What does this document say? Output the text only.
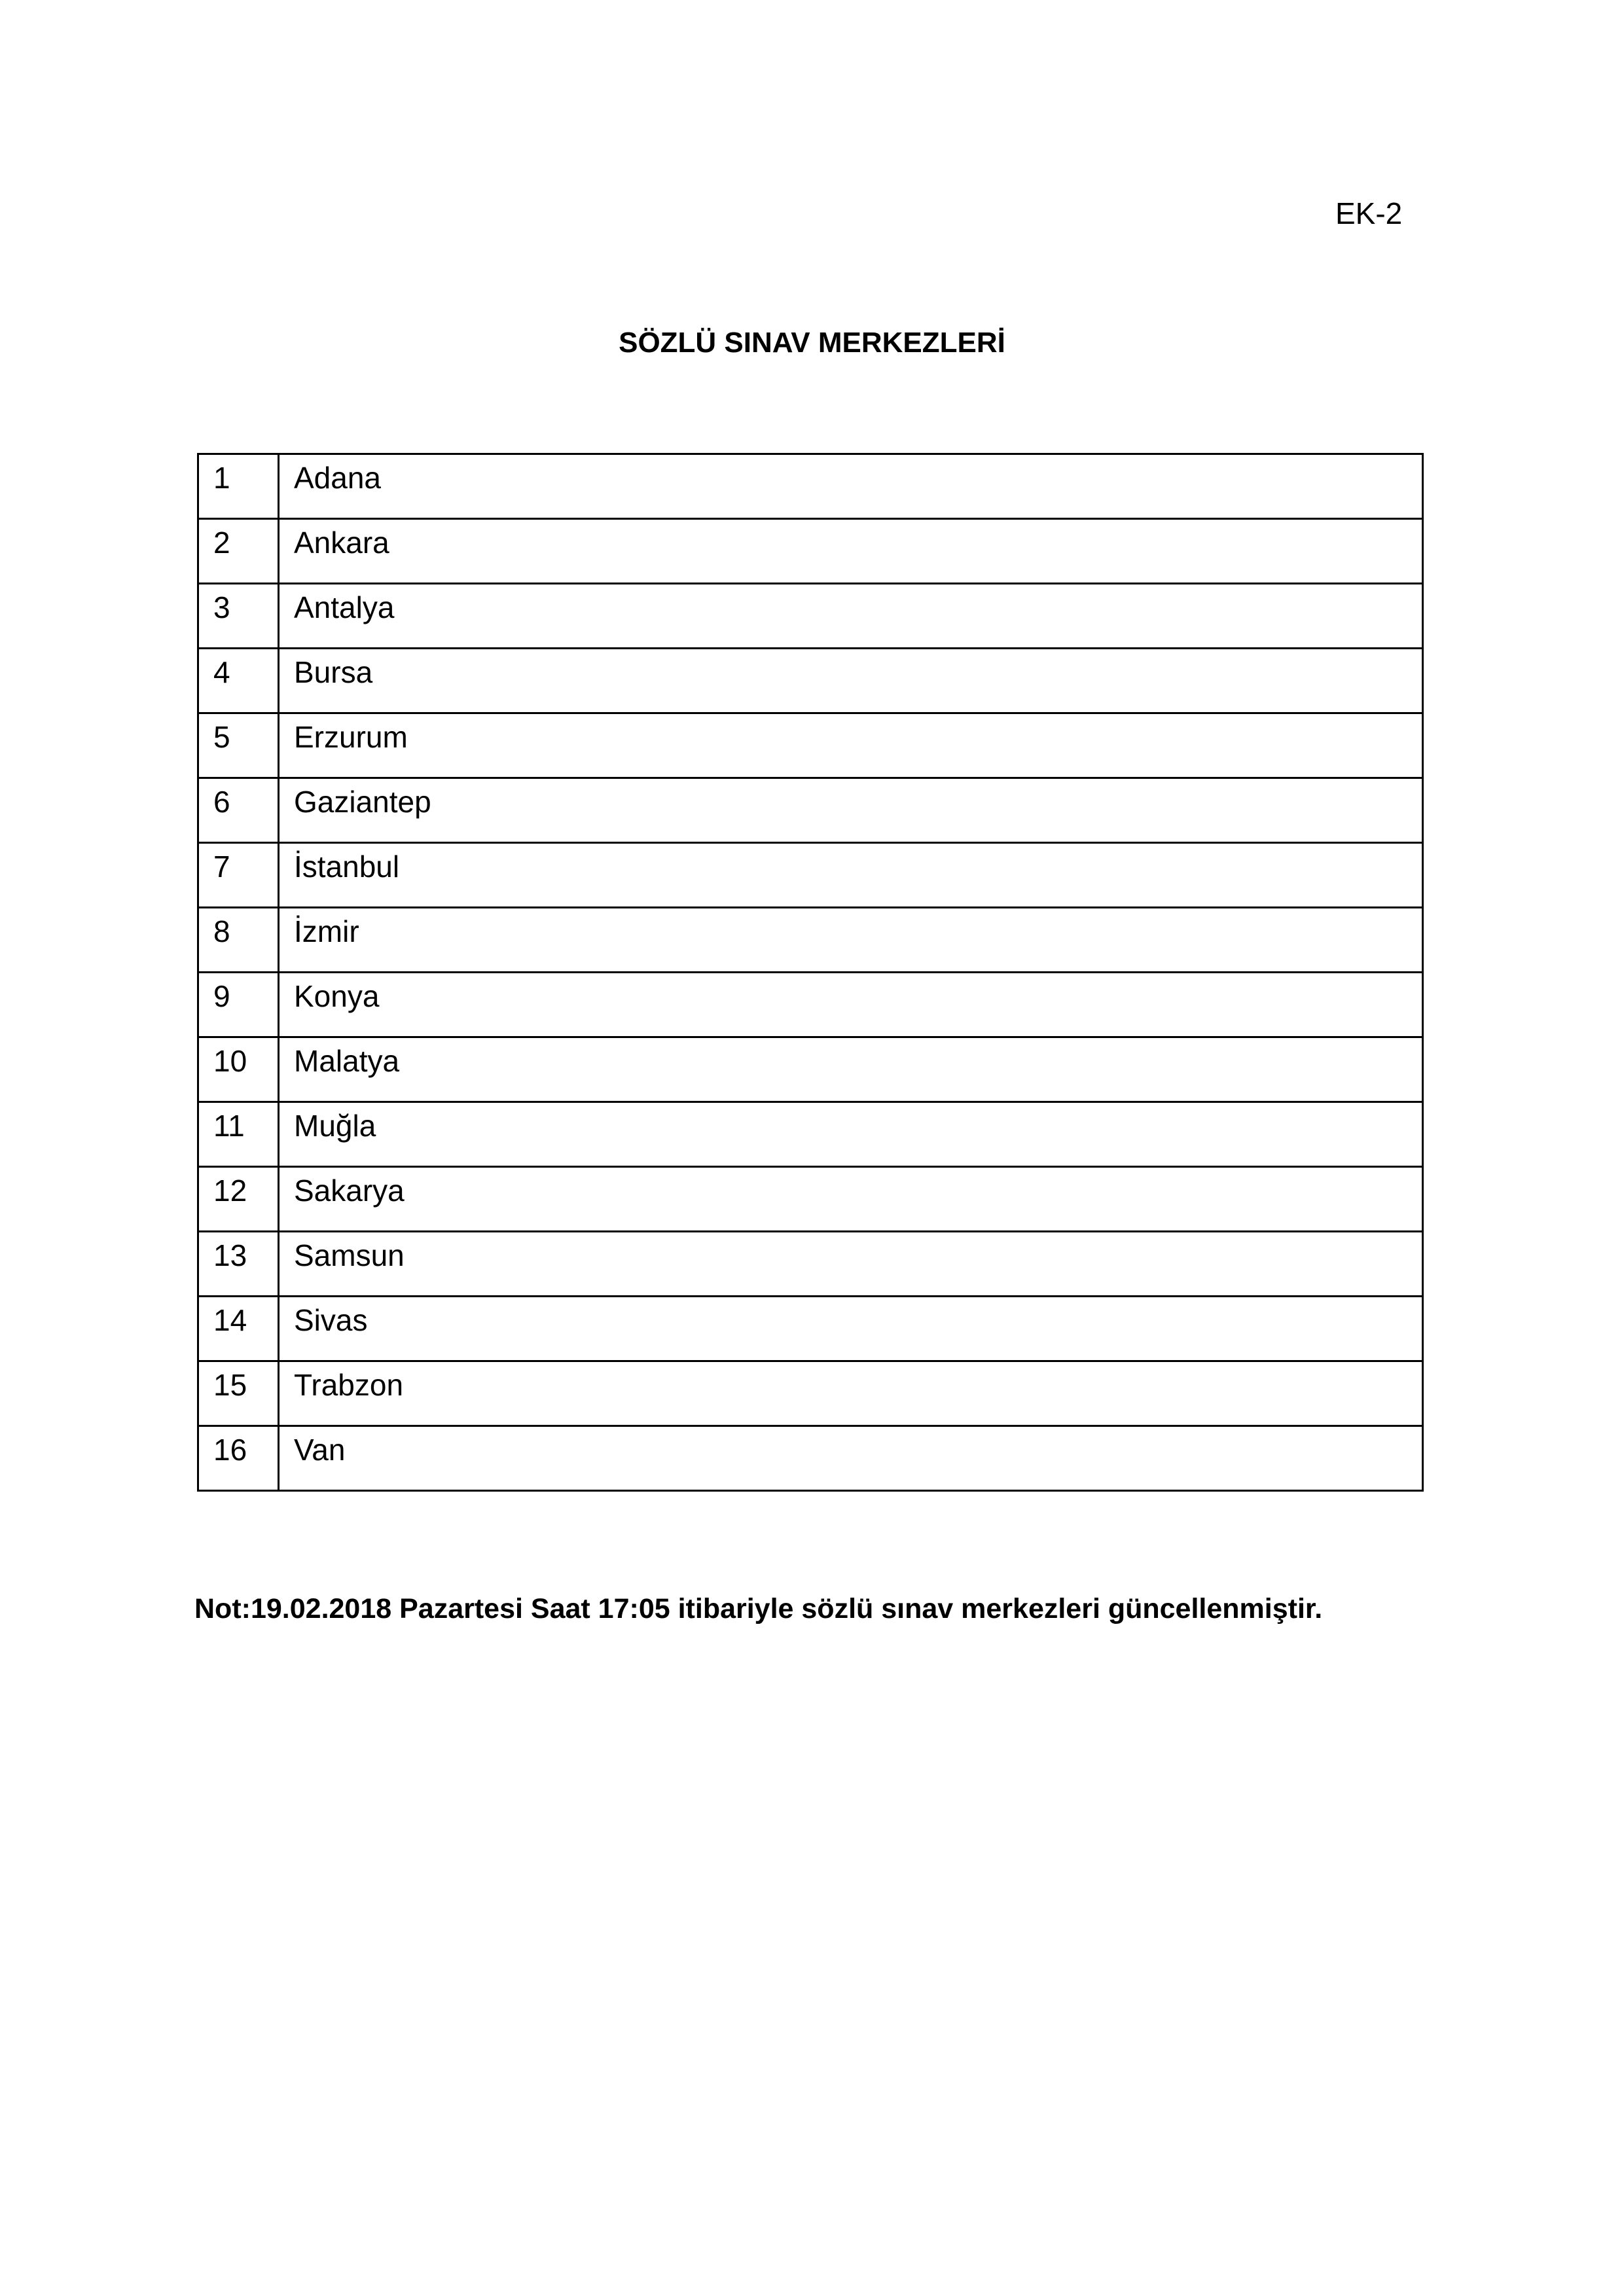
EK-2
SÖZLÜ SINAV MERKEZLERİ
1	Adana

2	Ankara

3	Antalya

4	Bursa

5	Erzurum

6	Gaziantep

7	İstanbul

8	İzmir

9	Konya

10	Malatya

11	Muğla

12	Sakarya

13	Samsun

14	Sivas

15	Trabzon

16	Van
Not:19.02.2018 Pazartesi Saat 17:05 itibariyle sözlü sınav merkezleri güncellenmiştir.
